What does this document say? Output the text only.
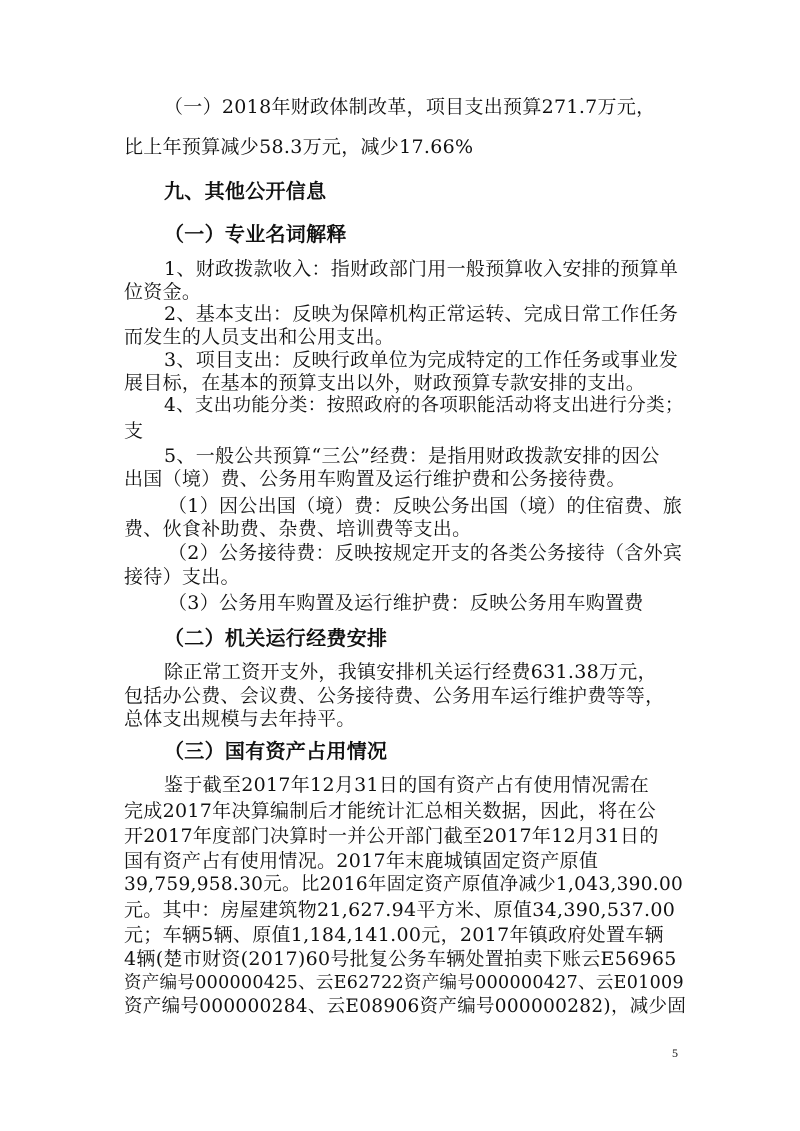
（一）2018年财政体制改革，项目支出预算271.7万元，
比上年预算减少58.3万元，减少17.66%
九、其他公开信息
（一）专业名词解释
1、财政拨款收入：指财政部门用一般预算收入安排的预算单
位资金。
2、基本支出：反映为保障机构正常运转、完成日常工作任务
而发生的人员支出和公用支出。
3、项目支出：反映行政单位为完成特定的工作任务或事业发
展目标，在基本的预算支出以外，财政预算专款安排的支出。
4、支出功能分类：按照政府的各项职能活动将支出进行分类；
支
5、一般公共预算“三公”经费：是指用财政拨款安排的因公
出国（境）费、公务用车购置及运行维护费和公务接待费。
（1）因公出国（境）费：反映公务出国（境）的住宿费、旅
费、伙食补助费、杂费、培训费等支出。
（2）公务接待费：反映按规定开支的各类公务接待（含外宾
接待）支出。
（3）公务用车购置及运行维护费：反映公务用车购置费
（二）机关运行经费安排
除正常工资开支外，我镇安排机关运行经费631.38万元，
包括办公费、会议费、公务接待费、公务用车运行维护费等等，
总体支出规模与去年持平。
（三）国有资产占用情况
鉴于截至2017年12月31日的国有资产占有使用情况需在
完成2017年决算编制后才能统计汇总相关数据，因此，将在公
开2017年度部门决算时一并公开部门截至2017年12月31日的
国有资产占有使用情况。2017年末鹿城镇固定资产原值
39,759,958.30元。比2016年固定资产原值净减少1,043,390.00
元。其中：房屋建筑物21,627.94平方米、原值34,390,537.00
元；车辆5辆、原值1,184,141.00元，2017年镇政府处置车辆
4辆(楚市财资(2017)60号批复公务车辆处置拍卖下账云E56965
资产编号000000425、云E62722资产编号000000427、云E01009
资产编号000000284、云E08906资产编号000000282)，减少固
5
